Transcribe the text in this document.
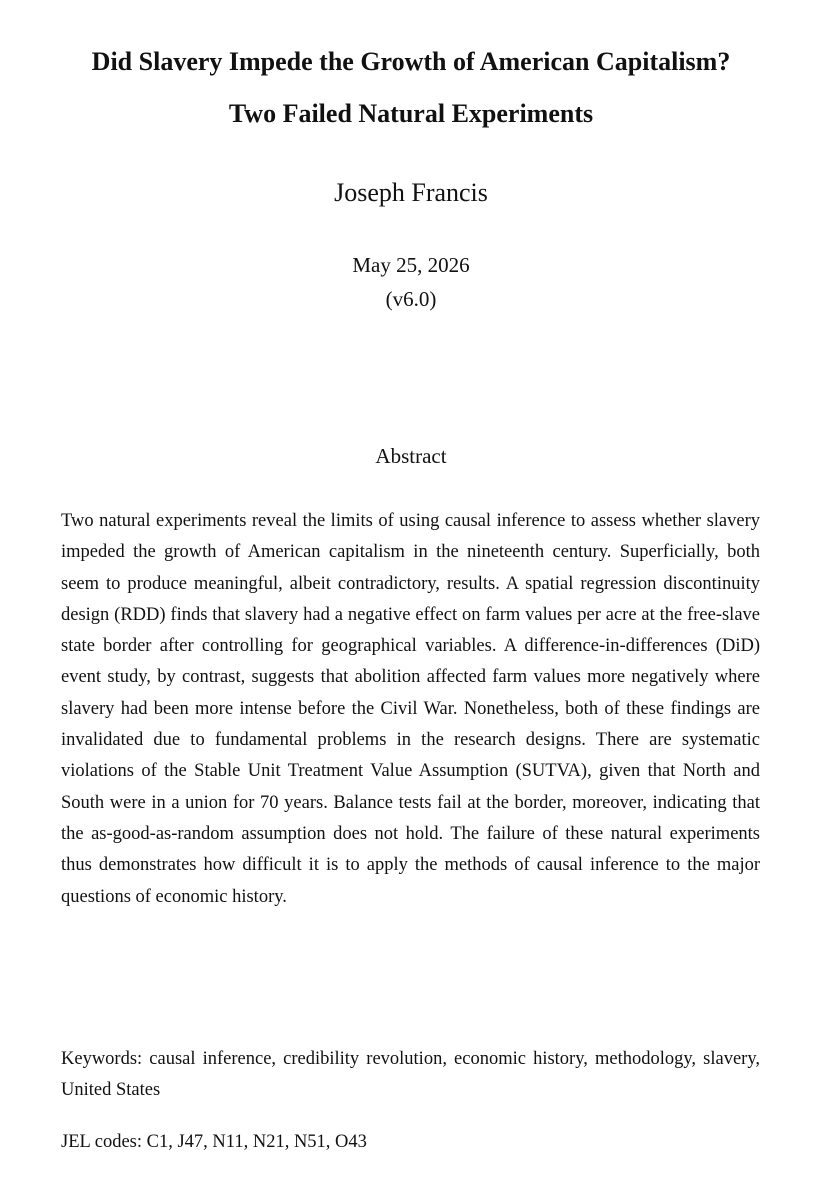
Did Slavery Impede the Growth of American Capitalism?
Two Failed Natural Experiments
Joseph Francis
May 25, 2026
(v6.0)
Abstract

Two natural experiments reveal the limits of using causal inference to assess whether slavery impeded the growth of American capitalism in the nineteenth century. Superficially, both seem to produce meaningful, albeit contradictory, results. A spatial regression discontinuity design (RDD) finds that slavery had a negative effect on farm values per acre at the free-slave state border after controlling for geographical variables. A difference-in-differences (DiD) event study, by contrast, suggests that abolition affected farm values more negatively where slavery had been more intense before the Civil War. Nonetheless, both of these findings are invalidated due to fundamental problems in the research designs. There are systematic violations of the Stable Unit Treatment Value Assumption (SUTVA), given that North and South were in a union for 70 years. Balance tests fail at the border, moreover, indicating that the as-good-as-random assumption does not hold. The failure of these natural experiments thus demonstrates how difficult it is to apply the methods of causal inference to the major questions of economic history.

Keywords: causal inference, credibility revolution, economic history, methodology, slavery, United States

JEL codes: C1, J47, N11, N21, N51, O43
